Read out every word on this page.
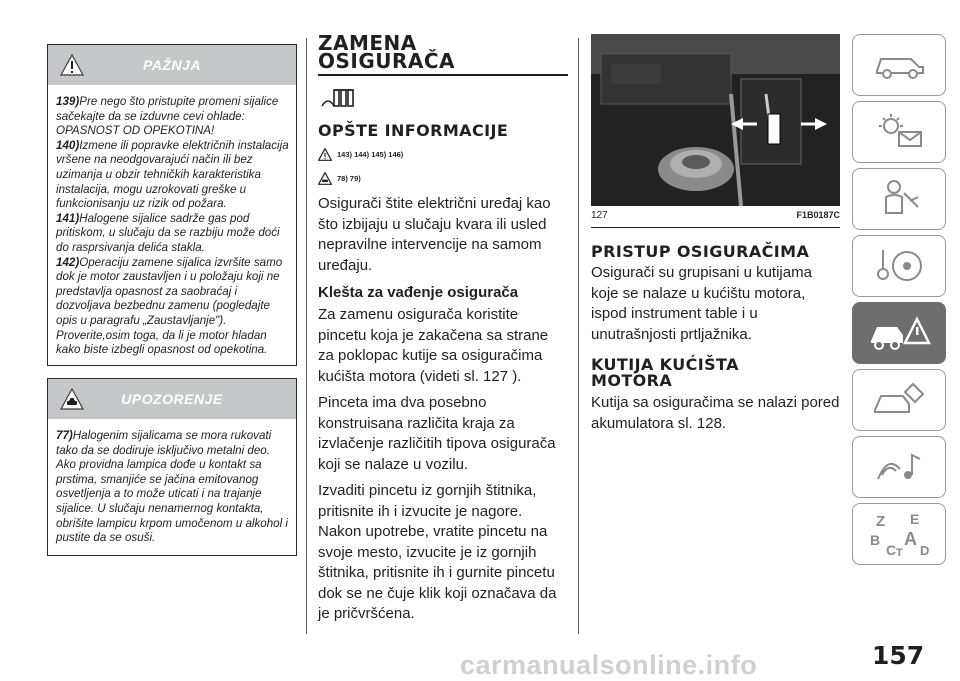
PAŽNJA

139)Pre nego što pristupite promeni sijalice sačekajte da se izduvne cevi ohlade: OPASNOST OD OPEKOTINA!

140)Izmene ili popravke električnih instalacija vršene na neodgovarajući način ili bez uzimanja u obzir tehničkih karakteristika instalacija, mogu uzrokovati greške u funkcionisanju uz rizik od požara.

141)Halogene sijalice sadrže gas pod pritiskom, u slučaju da se razbiju može doći do rasprsivanja delića stakla.

142)Operaciju zamene sijalica izvršite samo dok je motor zaustavljen i u položaju koji ne predstavlja opasnost za saobraćaj i dozvoljava bezbednu zamenu (pogledajte opis u paragrafu „Zaustavljanje"). Proverite,osim toga, da li je motor hladan kako biste izbegli opasnost od opekotina.

UPOZORENJE

77)Halogenim sijalicama se mora rukovati tako da se dodiruje isključivo metalni deo. Ako providna lampica dođe u kontakt sa prstima, smanjiće se jačina emitovanog osvetljenja a to može uticati i na trajanje sijalice. U slučaju nenamernog kontakta, obrišite lampicu krpom umočenom u alkohol i pustite da se osuši.

ZAMENA
OSIGURAČA
OPŠTE INFORMACIJE
143) 144) 145) 146)
78) 79)

Osigurači štite električni uređaj kao što izbijaju u slučaju kvara ili usled nepravilne intervencije na samom uređaju.

Klešta za vađenje osigurača

Za zamenu osigurača koristite pincetu koja je zakačena sa strane za poklopac kutije sa osiguračima kućišta motora (videti sl. 127 ).

Pinceta ima dva posebno konstruisana različita kraja za izvlačenje različitih tipova osigurača koji se nalaze u vozilu.

Izvaditi pincetu iz gornjih štitnika, pritisnite ih i izvucite je nagore. Nakon upotrebe, vratite pincetu na svoje mesto, izvucite je iz gornjih štitnika, pritisnite ih i gurnite pincetu dok se ne čuje klik koji označava da je pričvršćena.

127	F1B0187C
PRISTUP OSIGURAČIMA

Osigurači su grupisani u kutijama koje se nalaze u kućištu motora, ispod instrument table i u unutrašnjosti prtljažnika.

KUTIJA KUĆIŠTA MOTORA

Kutija sa osiguračima se nalazi pored akumulatora sl. 128.

Z E
B A
C T D
157
carmanualsonline.info
